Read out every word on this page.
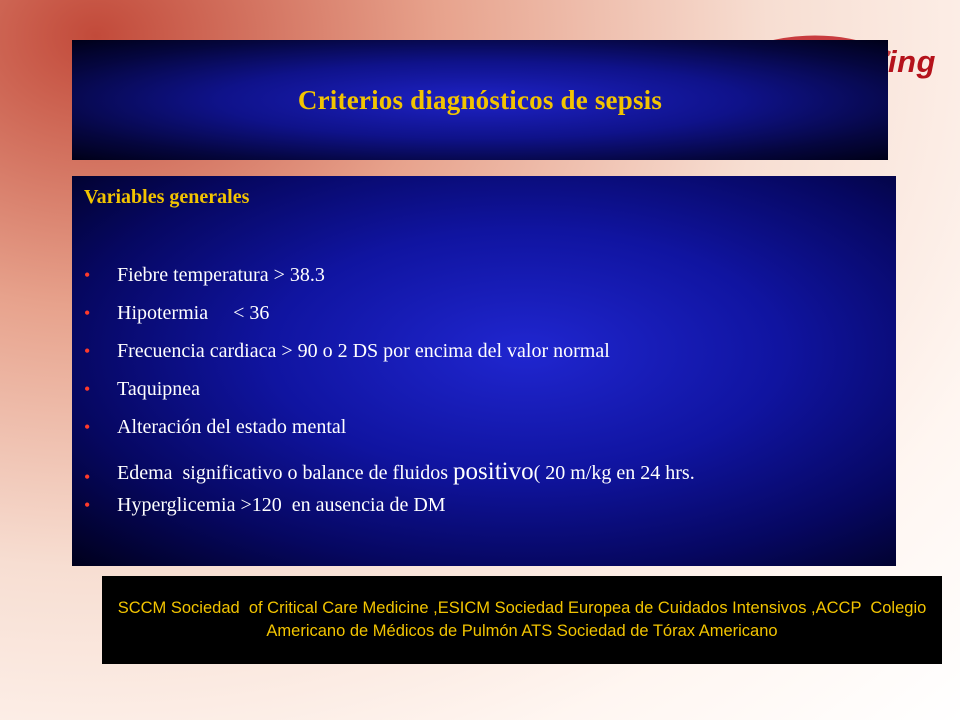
ing
Criterios diagnósticos de sepsis

Variables generales

• Fiebre temperatura > 38.3
• Hipotermia     < 36
• Frecuencia cardiaca > 90 o 2 DS por encima del valor normal
• Taquipnea
• Alteración del estado mental
• Edema  significativo o balance de fluidos positivo( 20 m/kg en 24 hrs.
• Hyperglicemia >120  en ausencia de DM

SCCM Sociedad  of Critical Care Medicine ,ESICM Sociedad Europea de Cuidados Intensivos ,ACCP  Colegio Americano de Médicos de Pulmón ATS Sociedad de Tórax Americano
